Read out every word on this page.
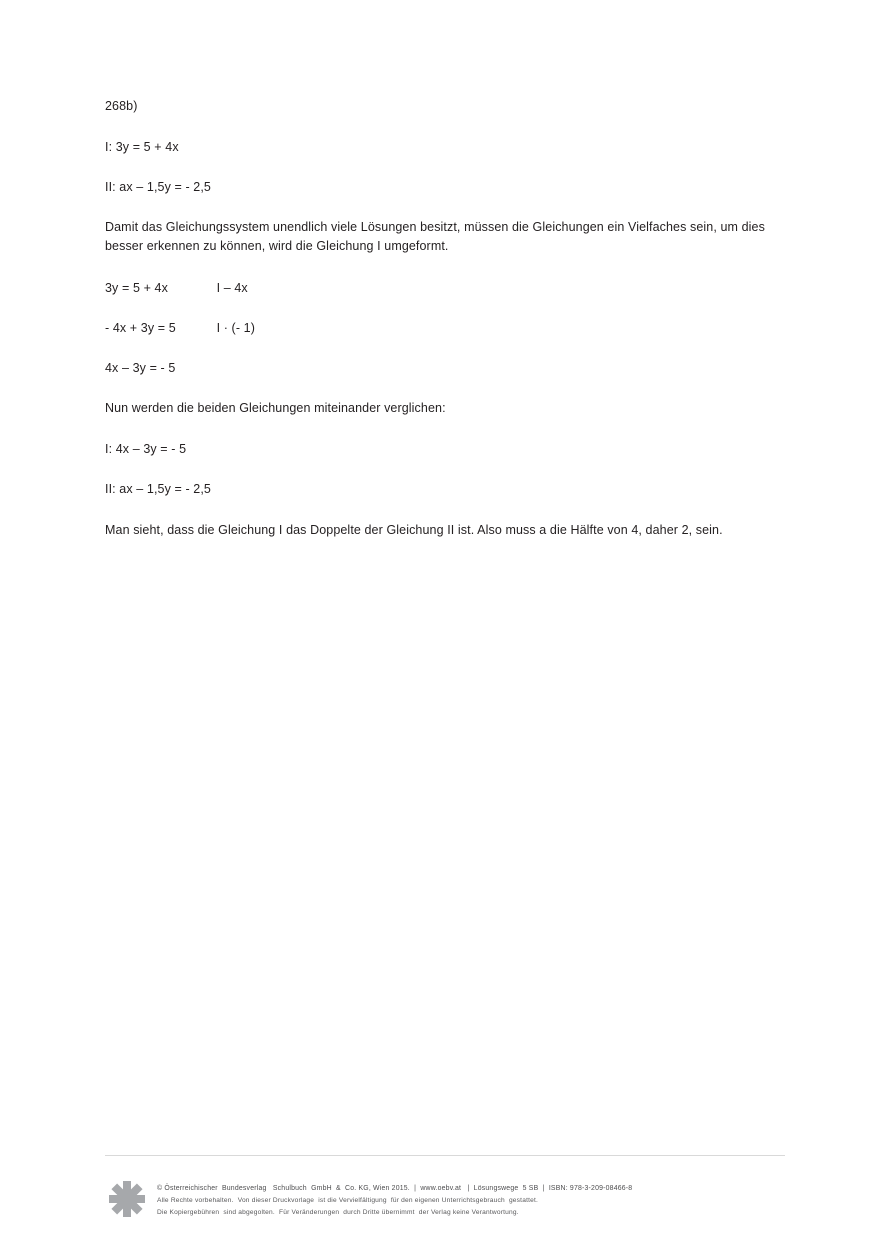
268b)

I: 3y = 5 + 4x

II: ax – 1,5y = - 2,5

Damit das Gleichungssystem unendlich viele Lösungen besitzt, müssen die Gleichungen ein Vielfaches sein, um dies besser erkennen zu können, wird die Gleichung I umgeformt.

3y = 5 + 4x	I – 4x
- 4x + 3y = 5	I · (- 1)
4x – 3y = - 5

Nun werden die beiden Gleichungen miteinander verglichen:

I: 4x – 3y = - 5

II: ax – 1,5y = - 2,5

Man sieht, dass die Gleichung I das Doppelte der Gleichung II ist. Also muss a die Hälfte von 4, daher 2, sein.

© Österreichischer  Bundesverlag   Schulbuch  GmbH  &  Co. KG, Wien 2015.  |  www.oebv.at   |  Lösungswege  5 SB  |  ISBN: 978-3-209-08466-8
Alle Rechte vorbehalten.  Von dieser Druckvorlage  ist die Vervielfältigung  für den eigenen Unterrichtsgebrauch  gestattet.
Die Kopiergebühren  sind abgegolten.  Für Veränderungen  durch Dritte übernimmt  der Verlag keine Verantwortung.
